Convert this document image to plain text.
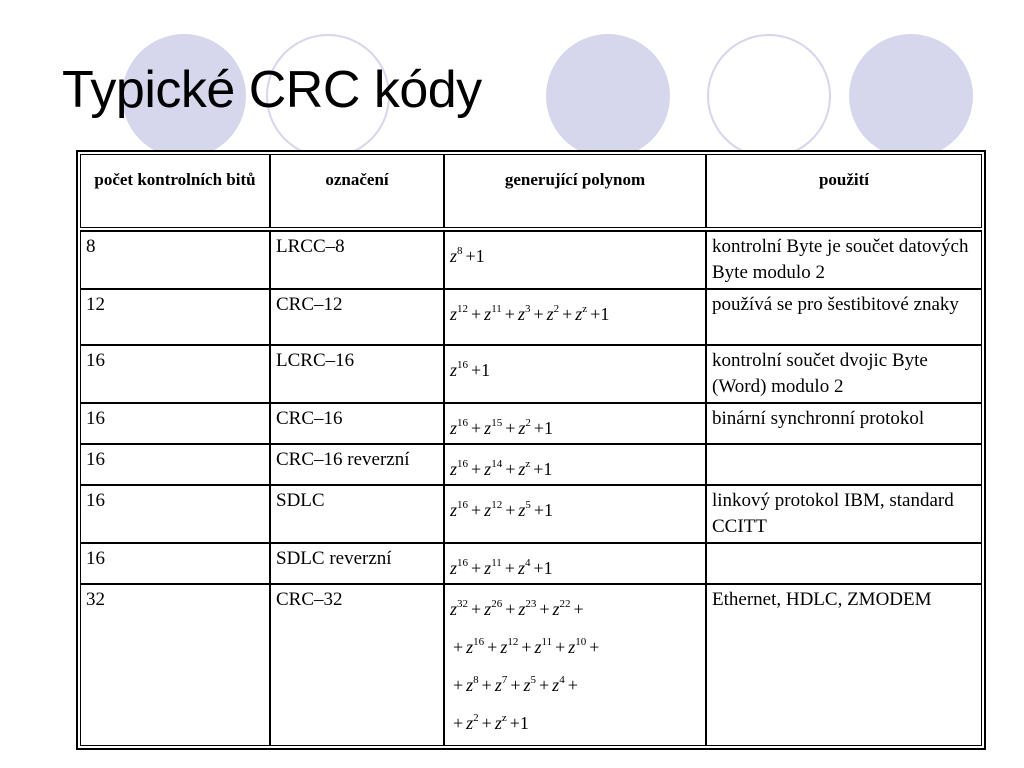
Typické CRC kódy
počet kontrolních bitů	označení	generující polynom	použití

8	LRCC–8	$z^8 +1$	kontrolní Byte je součet datových Byte modulo 2
12	CRC–12	$z^{12} + z^{11} + z^3 + z^2 + z^z +1$	používá se pro šestibitové znaky
16	LCRC–16	$z^{16} +1$	kontrolní součet dvojic Byte (Word) modulo 2
16	CRC–16	$z^{16} + z^{15} + z^2 +1$	binární synchronní protokol
16	CRC–16 reverzní	$z^{16} + z^{14} + z^z +1$	
16	SDLC	$z^{16} + z^{12} + z^5 +1$	linkový protokol IBM, standard CCITT
16	SDLC reverzní	$z^{16} + z^{11} + z^4 +1$	
32	CRC–32	$z^{32} + z^{26} + z^{23} + z^{22}$ +
+ $z^{16} + z^{12} + z^{11} + z^{10}$ +
+ $z^8 + z^7 + z^5 + z^4$ +
+ $z^2 + z^z +1$	Ethernet, HDLC, ZMODEM
